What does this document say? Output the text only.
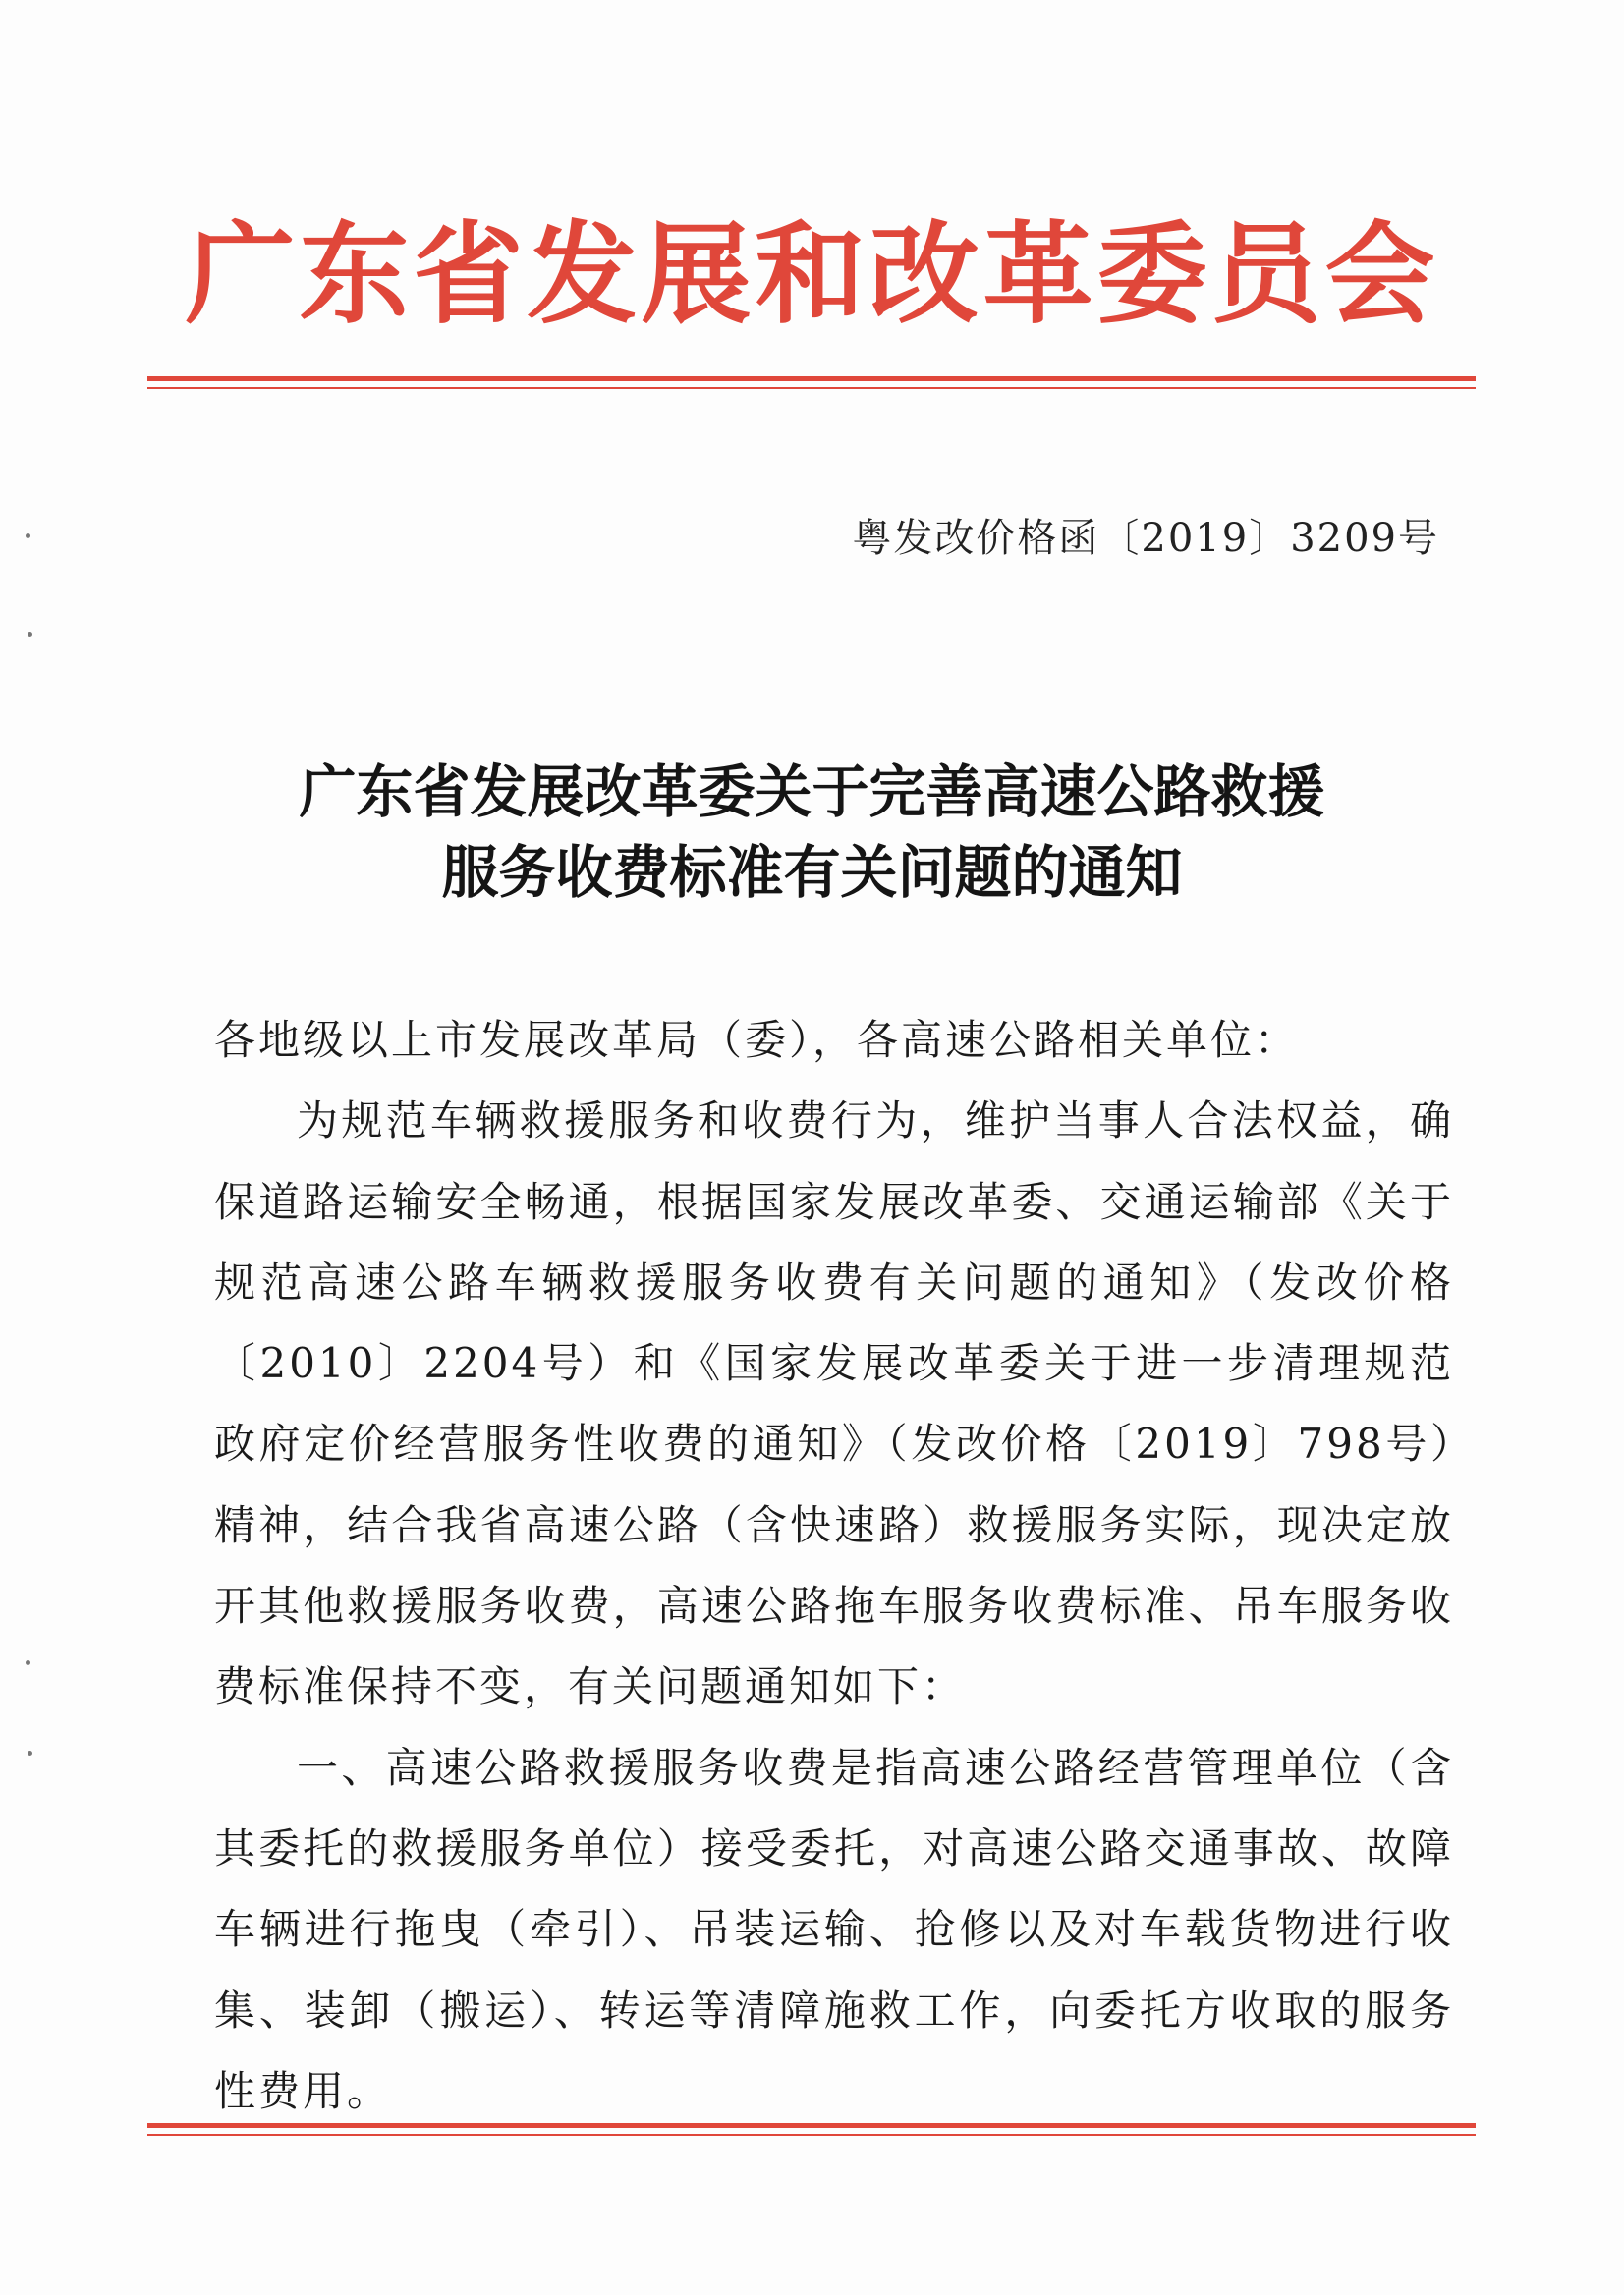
广东省发展和改革委员会
粤发改价格函〔2019〕3209号
广东省发展改革委关于完善高速公路救援
服务收费标准有关问题的通知

各地级以上市发展改革局（委），各高速公路相关单位：

为规范车辆救援服务和收费行为，维护当事人合法权益，确保道路运输安全畅通，根据国家发展改革委、交通运输部《关于规范高速公路车辆救援服务收费有关问题的通知》（发改价格〔2010〕2204号）和《国家发展改革委关于进一步清理规范政府定价经营服务性收费的通知》（发改价格〔2019〕798号）精神，结合我省高速公路（含快速路）救援服务实际，现决定放开其他救援服务收费，高速公路拖车服务收费标准、吊车服务收费标准保持不变，有关问题通知如下：

一、高速公路救援服务收费是指高速公路经营管理单位（含其委托的救援服务单位）接受委托，对高速公路交通事故、故障车辆进行拖曳（牵引）、吊装运输、抢修以及对车载货物进行收集、装卸（搬运）、转运等清障施救工作，向委托方收取的服务性费用。
